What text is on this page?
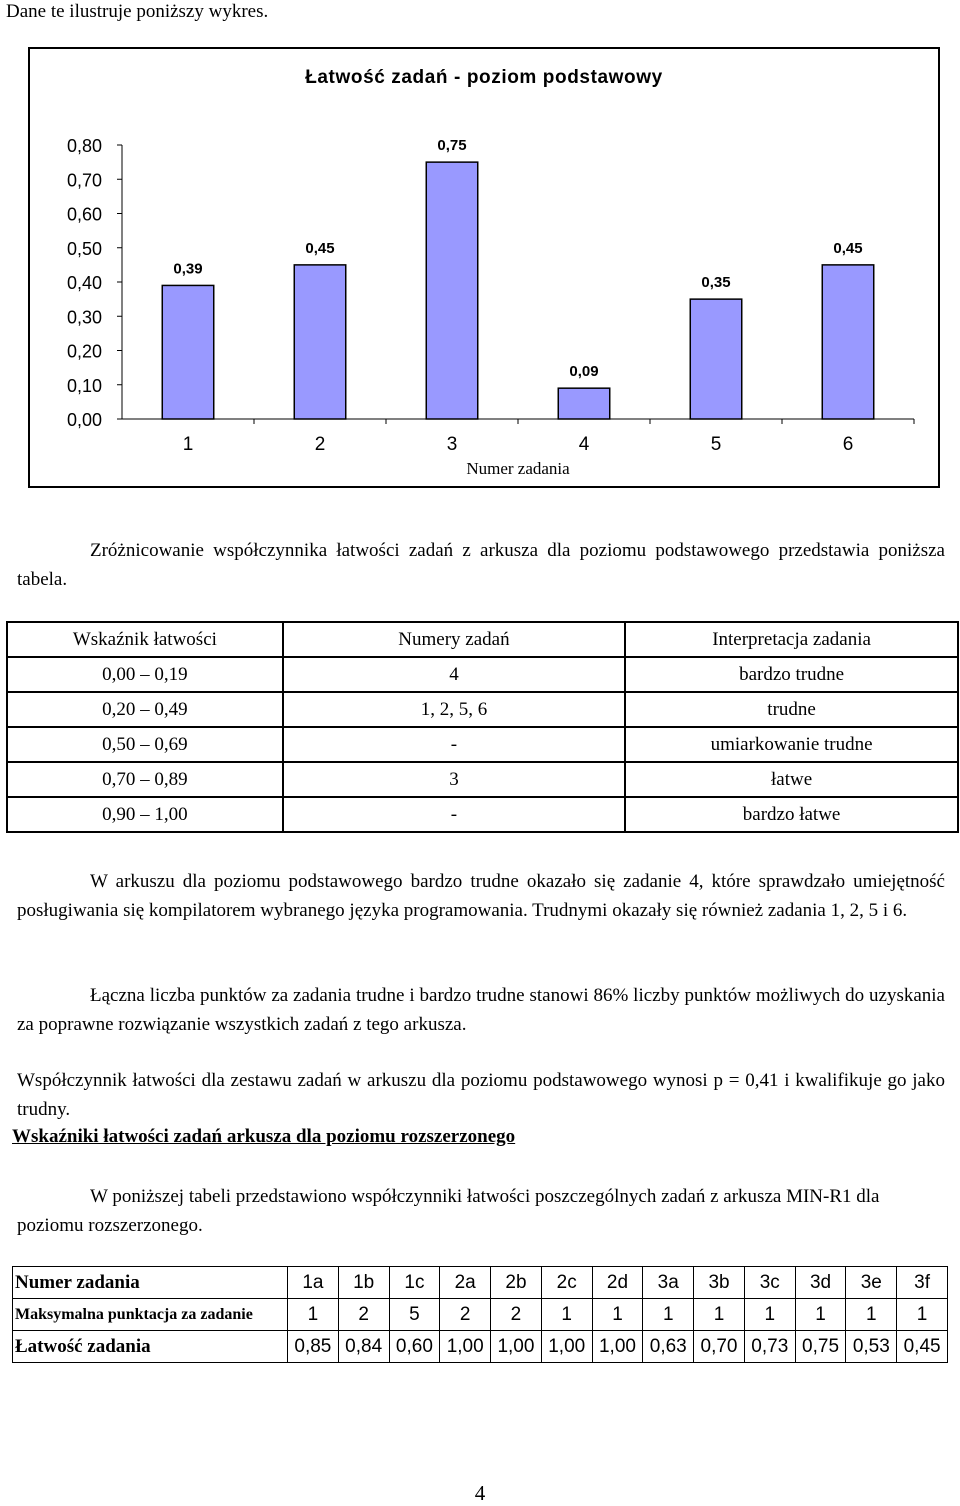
Dane te ilustruje poniższy wykres.

Łatwość zadań - poziom podstawowy
0,00
0,10
0,20
0,30
0,40
0,50
0,60
0,70
0,80
0,39
1
0,45
2
0,75
3
0,09
4
0,35
5
0,45
6
Numer zadania

Zróżnicowanie współczynnika łatwości zadań z arkusza dla poziomu podstawowego przedstawia poniższa tabela.

Wskaźnik łatwości	Numery zadań	Interpretacja zadania
0,00 – 0,19	4	bardzo trudne
0,20 – 0,49	1, 2, 5, 6	trudne
0,50 – 0,69	-	umiarkowanie trudne
0,70 – 0,89	3	łatwe
0,90 – 1,00	-	bardzo łatwe

W arkuszu dla poziomu podstawowego bardzo trudne okazało się zadanie 4, które sprawdzało umiejętność posługiwania się kompilatorem wybranego języka programowania. Trudnymi okazały się również zadania 1, 2, 5 i 6.

Łączna liczba punktów za zadania trudne i bardzo trudne stanowi 86% liczby punktów możliwych do uzyskania za poprawne rozwiązanie wszystkich zadań z tego arkusza.

Współczynnik łatwości dla zestawu zadań w arkuszu dla poziomu podstawowego wynosi p = 0,41 i kwalifikuje go jako trudny.

Wskaźniki łatwości zadań arkusza dla poziomu rozszerzonego

W poniższej tabeli przedstawiono współczynniki łatwości poszczególnych zadań z arkusza MIN-R1 dla poziomu rozszerzonego.

Numer zadania	1a	1b	1c	2a	2b	2c	2d	3a	3b	3c	3d	3e	3f
Maksymalna punktacja za zadanie	1	2	5	2	2	1	1	1	1	1	1	1	1
Łatwość zadania	0,85	0,84	0,60	1,00	1,00	1,00	1,00	0,63	0,70	0,73	0,75	0,53	0,45
4
